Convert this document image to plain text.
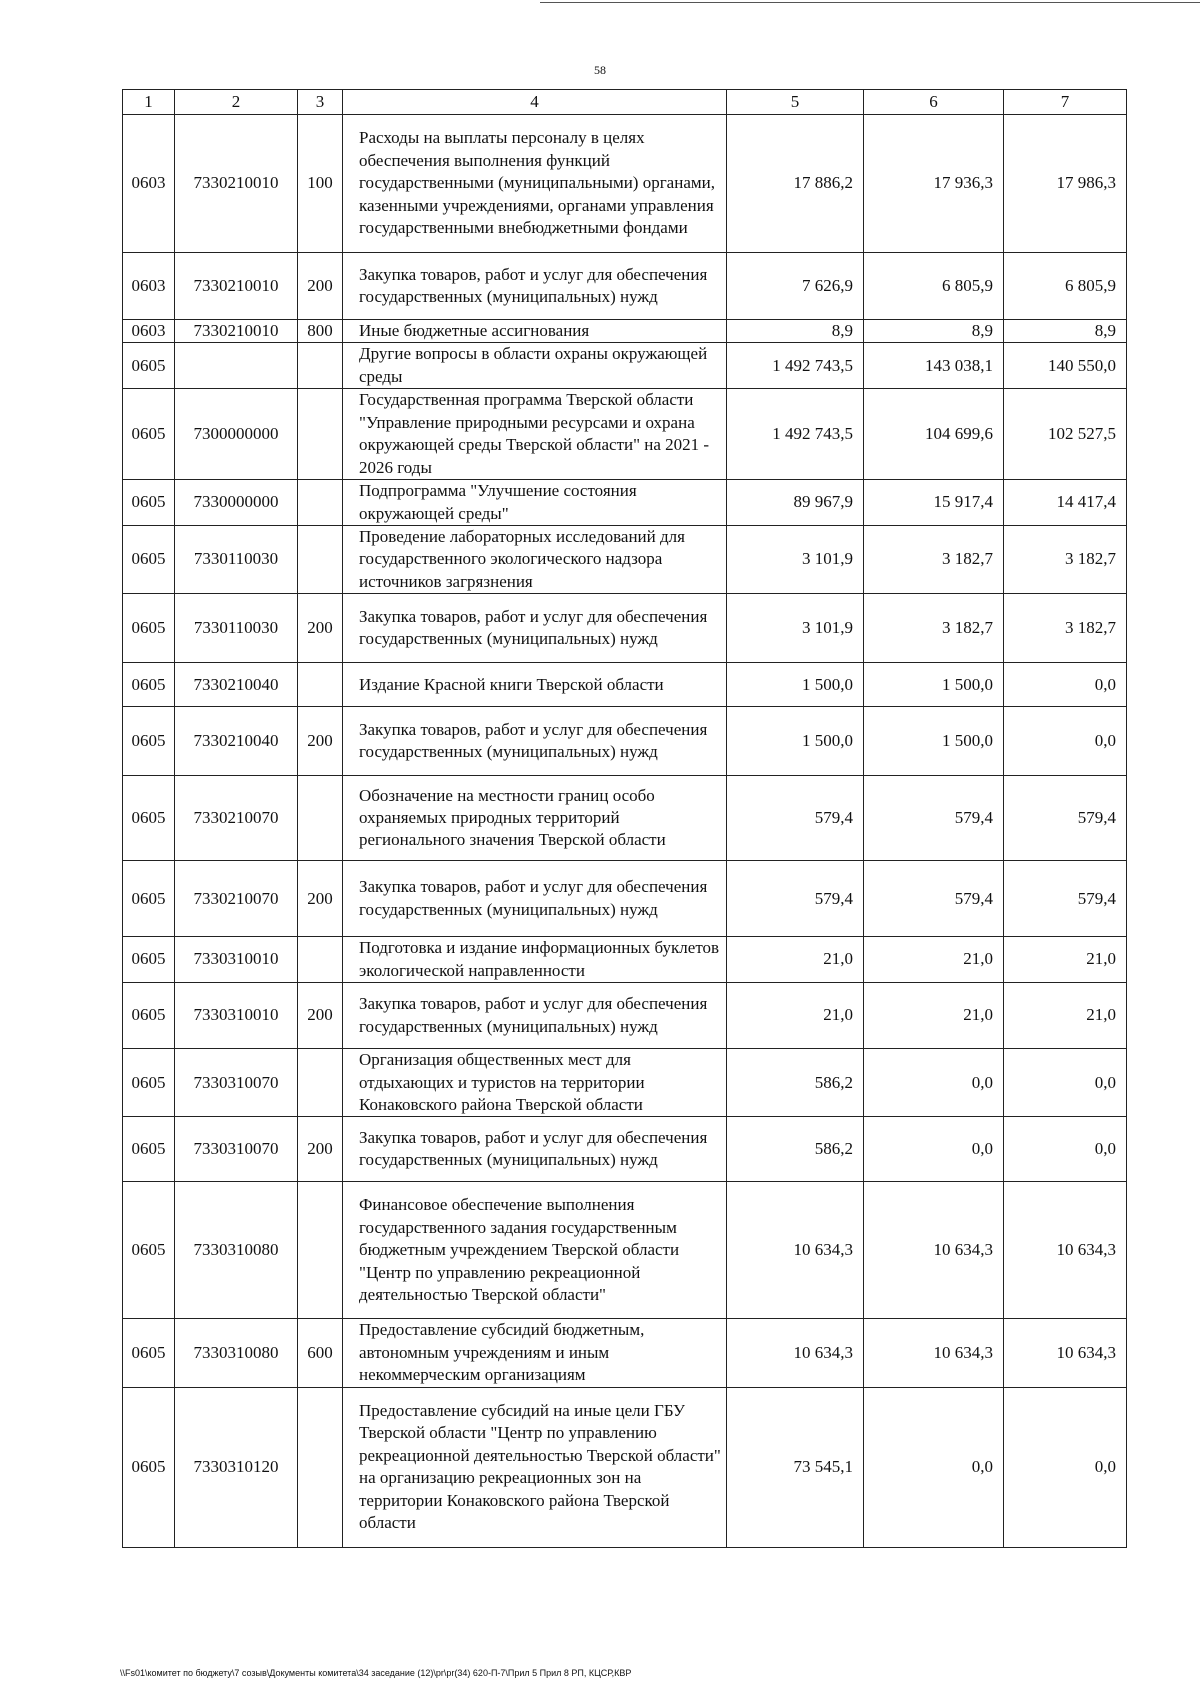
58
1	2	3	4	5	6	7
0603	7330210010	100	Расходы на выплаты персоналу в целях обеспечения выполнения функций государственными (муниципальными) органами, казенными учреждениями, органами управления государственными внебюджетными фондами	17 886,2	17 936,3	17 986,3
0603	7330210010	200	Закупка товаров, работ и услуг для обеспечения государственных (муниципальных) нужд	7 626,9	6 805,9	6 805,9
0603	7330210010	800	Иные бюджетные ассигнования	8,9	8,9	8,9
0605			Другие вопросы в области охраны окружающей среды	1 492 743,5	143 038,1	140 550,0
0605	7300000000		Государственная программа Тверской области "Управление природными ресурсами и охрана окружающей среды Тверской области" на 2021 - 2026 годы	1 492 743,5	104 699,6	102 527,5
0605	7330000000		Подпрограмма "Улучшение состояния окружающей среды"	89 967,9	15 917,4	14 417,4
0605	7330110030		Проведение лабораторных исследований для государственного экологического надзора источников загрязнения	3 101,9	3 182,7	3 182,7
0605	7330110030	200	Закупка товаров, работ и услуг для обеспечения государственных (муниципальных) нужд	3 101,9	3 182,7	3 182,7
0605	7330210040		Издание Красной книги Тверской области	1 500,0	1 500,0	0,0
0605	7330210040	200	Закупка товаров, работ и услуг для обеспечения государственных (муниципальных) нужд	1 500,0	1 500,0	0,0
0605	7330210070		Обозначение на местности границ особо охраняемых природных территорий регионального значения Тверской области	579,4	579,4	579,4
0605	7330210070	200	Закупка товаров, работ и услуг для обеспечения государственных (муниципальных) нужд	579,4	579,4	579,4
0605	7330310010		Подготовка и издание информационных буклетов экологической направленности	21,0	21,0	21,0
0605	7330310010	200	Закупка товаров, работ и услуг для обеспечения государственных (муниципальных) нужд	21,0	21,0	21,0
0605	7330310070		Организация общественных мест для отдыхающих и туристов на территории Конаковского района Тверской области	586,2	0,0	0,0
0605	7330310070	200	Закупка товаров, работ и услуг для обеспечения государственных (муниципальных) нужд	586,2	0,0	0,0
0605	7330310080		Финансовое обеспечение выполнения государственного задания государственным бюджетным учреждением Тверской области "Центр по управлению рекреационной деятельностью Тверской области"	10 634,3	10 634,3	10 634,3
0605	7330310080	600	Предоставление субсидий бюджетным, автономным учреждениям и иным некоммерческим организациям	10 634,3	10 634,3	10 634,3
0605	7330310120		Предоставление субсидий на иные цели ГБУ Тверской области "Центр по управлению рекреационной деятельностью Тверской области" на организацию рекреационных зон на территории Конаковского района Тверской области	73 545,1	0,0	0,0
\\Fs01\комитет по бюджету\7 созыв\Документы комитета\34 заседание (12)\pr\pr(34) 620-П-7\Прил 5 Прил 8 РП, КЦСР,КВР
